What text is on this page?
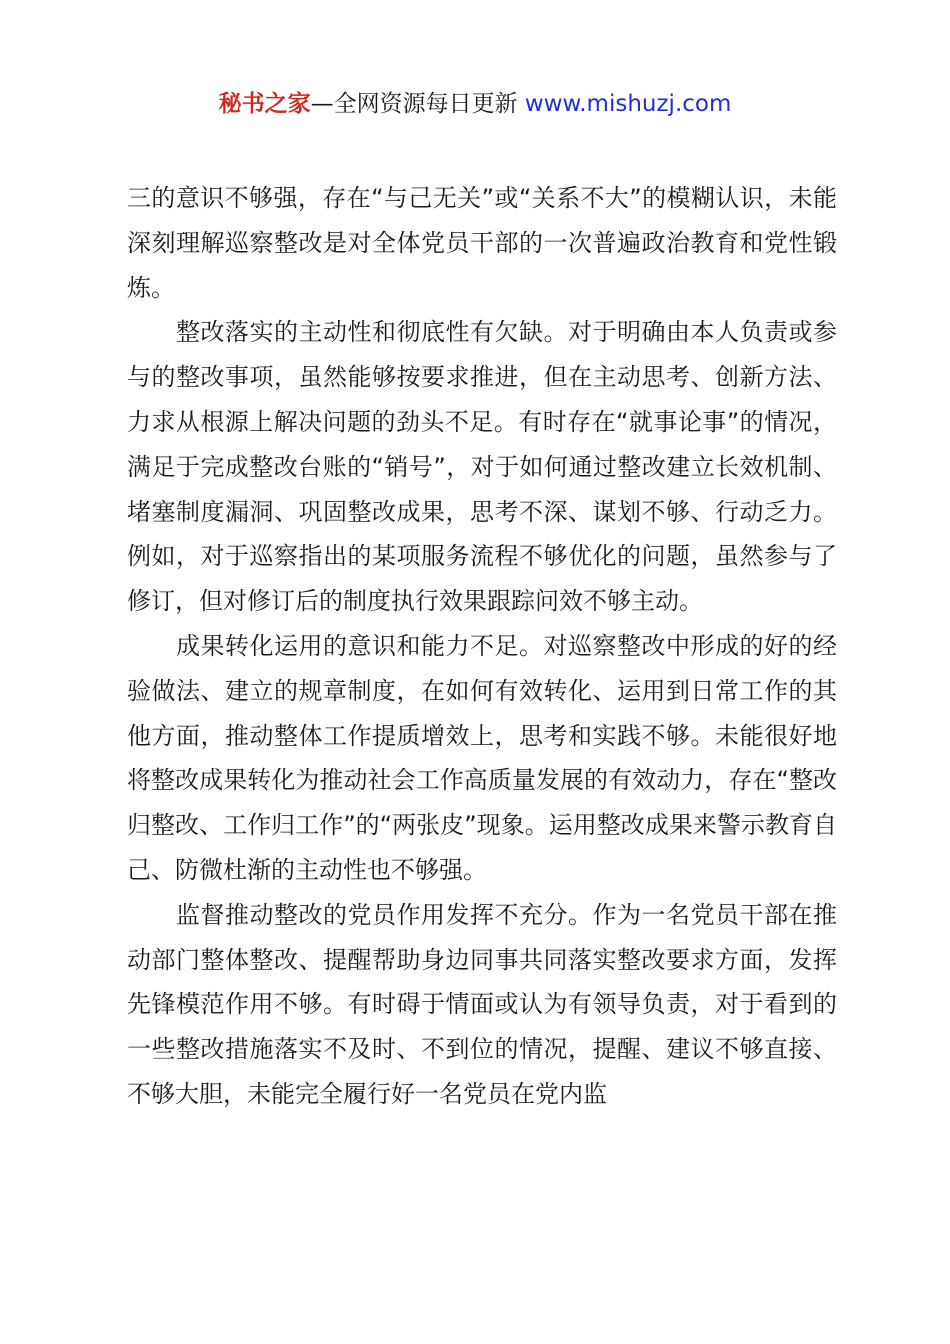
秘书之家—全网资源每日更新 www.mishuzj.com

三的意识不够强，存在“与己无关”或“关系不大”的模糊认识，未能深刻理解巡察整改是对全体党员干部的一次普遍政治教育和党性锻炼。

整改落实的主动性和彻底性有欠缺。对于明确由本人负责或参与的整改事项，虽然能够按要求推进，但在主动思考、创新方法、力求从根源上解决问题的劲头不足。有时存在“就事论事”的情况，满足于完成整改台账的“销号”，对于如何通过整改建立长效机制、堵塞制度漏洞、巩固整改成果，思考不深、谋划不够、行动乏力。例如，对于巡察指出的某项服务流程不够优化的问题，虽然参与了修订，但对修订后的制度执行效果跟踪问效不够主动。

成果转化运用的意识和能力不足。对巡察整改中形成的好的经验做法、建立的规章制度，在如何有效转化、运用到日常工作的其他方面，推动整体工作提质增效上，思考和实践不够。未能很好地将整改成果转化为推动社会工作高质量发展的有效动力，存在“整改归整改、工作归工作”的“两张皮”现象。运用整改成果来警示教育自己、防微杜渐的主动性也不够强。

监督推动整改的党员作用发挥不充分。作为一名党员干部在推动部门整体整改、提醒帮助身边同事共同落实整改要求方面，发挥先锋模范作用不够。有时碍于情面或认为有领导负责，对于看到的一些整改措施落实不及时、不到位的情况，提醒、建议不够直接、不够大胆，未能完全履行好一名党员在党内监
